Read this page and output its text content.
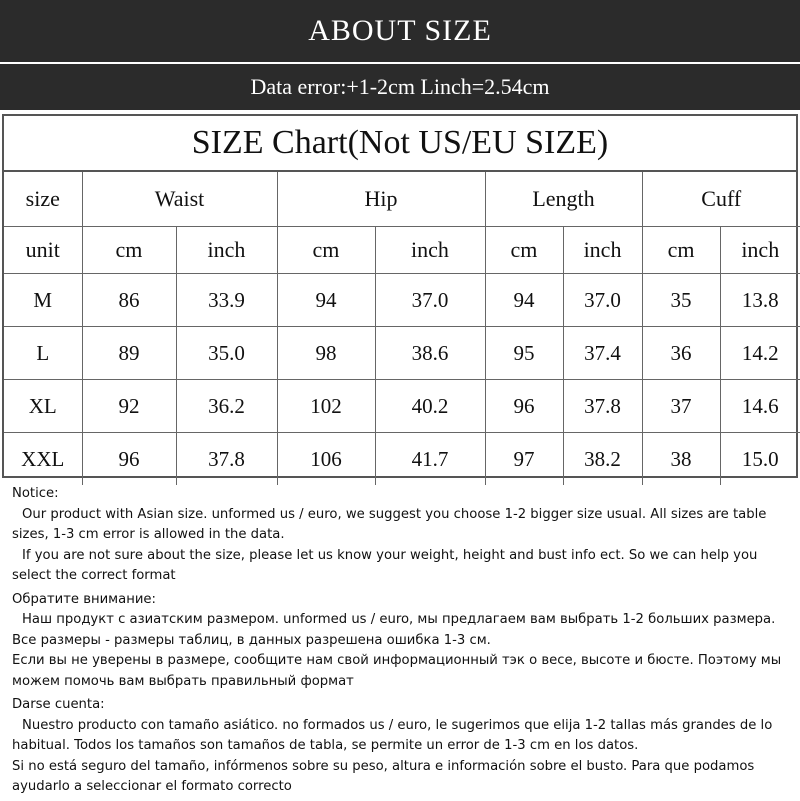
ABOUT SIZE
Data error:+1-2cm Linch=2.54cm
SIZE Chart(Not US/EU SIZE)
size	Waist		Hip		Length		Cuff	
unit	cm	inch	cm	inch	cm	inch	cm	inch
M	86	33.9	94	37.0	94	37.0	35	13.8
L	89	35.0	98	38.6	95	37.4	36	14.2
XL	92	36.2	102	40.2	96	37.8	37	14.6
XXL	96	37.8	106	41.7	97	38.2	38	15.0

Notice:

Our product with Asian size. unformed us / euro, we suggest you choose 1-2 bigger size usual. All sizes are table sizes, 1-3 cm error is allowed in the data.

If you are not sure about the size, please let us know your weight, height and bust info ect. So we can help you select the correct format

Обратите внимание:

Наш продукт с азиатским размером. unformed us / euro, мы предлагаем вам выбрать 1-2 больших размера. Все размеры - размеры таблиц, в данных разрешена ошибка 1-3 см.

Если вы не уверены в размере, сообщите нам свой информационный тэк о весе, высоте и бюсте. Поэтому мы можем помочь вам выбрать правильный формат

Darse cuenta:

Nuestro producto con tamaño asiático. no formados us / euro, le sugerimos que elija 1-2 tallas más grandes de lo habitual. Todos los tamaños son tamaños de tabla, se permite un error de 1-3 cm en los datos.

Si no está seguro del tamaño, infórmenos sobre su peso, altura e información sobre el busto. Para que podamos ayudarlo a seleccionar el formato correcto
